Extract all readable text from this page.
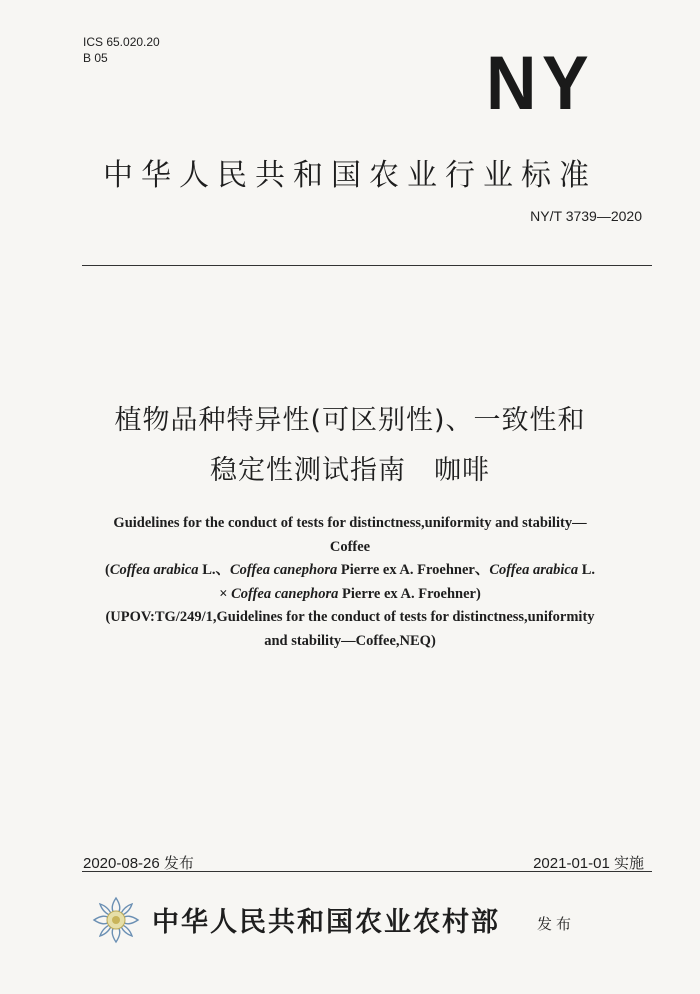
ICS 65.020.20
B 05	NY
中华人民共和国农业行业标准
NY/T 3739—2020
植物品种特异性(可区别性)、一致性和
稳定性测试指南　咖啡
Guidelines for the conduct of tests for distinctness,uniformity and stability—
Coffee
(Coffea arabica L.、Coffea canephora Pierre ex A. Froehner、Coffea arabica L.
× Coffea canephora Pierre ex A. Froehner)
(UPOV:TG/249/1,Guidelines for the conduct of tests for distinctness,uniformity
and stability—Coffee,NEQ)
2020-08-26 发布	2021-01-01 实施
中华人民共和国农业农村部 发布
